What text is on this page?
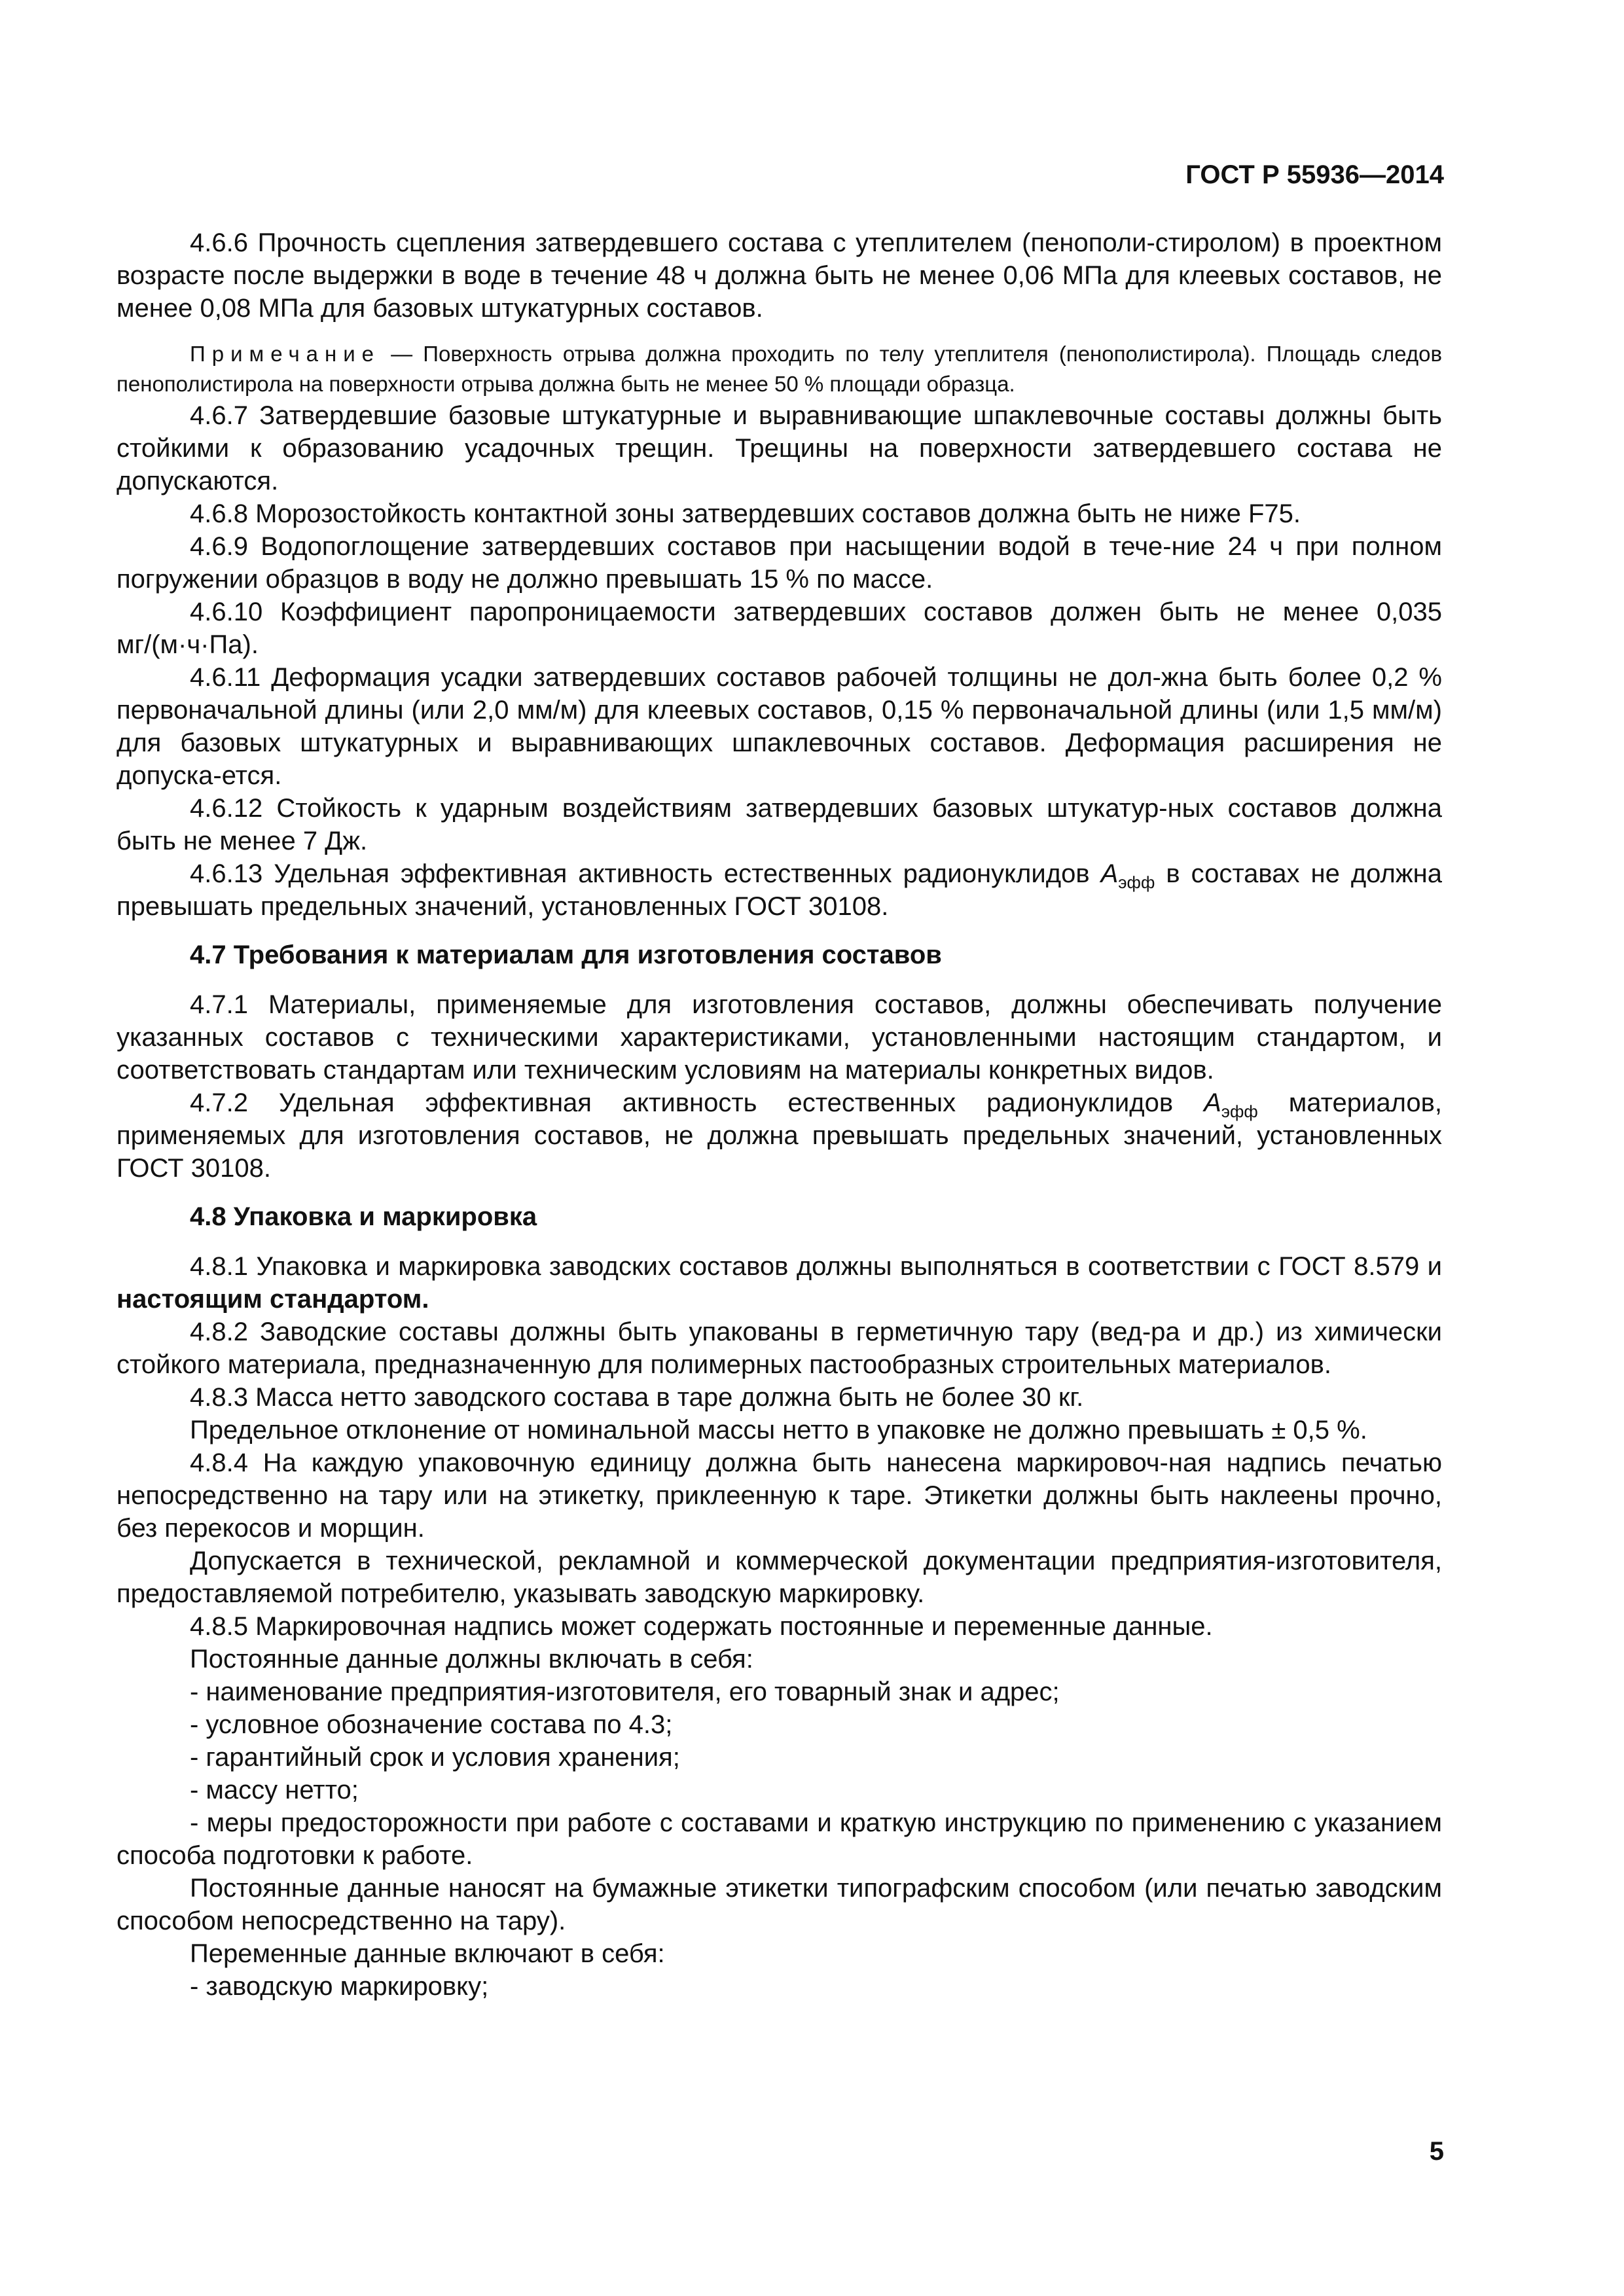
ГОСТ Р 55936—2014

4.6.6 Прочность сцепления затвердевшего состава с утеплителем (пенополи-стиролом) в проектном возрасте после выдержки в воде в течение 48 ч должна быть не менее 0,06 МПа для клеевых составов, не менее 0,08 МПа для базовых штукатурных составов.

Примечание — Поверхность отрыва должна проходить по телу утеплителя (пенополистирола). Площадь следов пенополистирола на поверхности отрыва должна быть не менее 50 % площади образца.

4.6.7 Затвердевшие базовые штукатурные и выравнивающие шпаклевочные составы должны быть стойкими к образованию усадочных трещин. Трещины на поверхности затвердевшего состава не допускаются.

4.6.8 Морозостойкость контактной зоны затвердевших составов должна быть не ниже F75.

4.6.9 Водопоглощение затвердевших составов при насыщении водой в тече-ние 24 ч при полном погружении образцов в воду не должно превышать 15 % по массе.

4.6.10 Коэффициент паропроницаемости затвердевших составов должен быть не менее 0,035 мг/(м·ч·Па).

4.6.11 Деформация усадки затвердевших составов рабочей толщины не дол-жна быть более 0,2 % первоначальной длины (или 2,0 мм/м) для клеевых составов, 0,15 % первоначальной длины (или 1,5 мм/м) для базовых штукатурных и выравнивающих шпаклевочных составов. Деформация расширения не допуска-ется.

4.6.12 Стойкость к ударным воздействиям затвердевших базовых штукатур-ных составов должна быть не менее 7 Дж.

4.6.13 Удельная эффективная активность естественных радионуклидов $А_{эфф}$ в составах не должна превышать предельных значений, установленных ГОСТ 30108.

4.7 Требования к материалам для изготовления составов

4.7.1 Материалы, применяемые для изготовления составов, должны обеспечивать получение указанных составов с техническими характеристиками, установленными настоящим стандартом, и соответствовать стандартам или техническим условиям на материалы конкретных видов.

4.7.2 Удельная эффективная активность естественных радионуклидов $А_{эфф}$ материалов, применяемых для изготовления составов, не должна превышать предельных значений, установленных ГОСТ 30108.

4.8 Упаковка и маркировка

4.8.1 Упаковка и маркировка заводских составов должны выполняться в соответствии с ГОСТ 8.579 и настоящим стандартом.

4.8.2 Заводские составы должны быть упакованы в герметичную тару (вед-ра и др.) из химически стойкого материала, предназначенную для полимерных пастообразных строительных материалов.

4.8.3 Масса нетто заводского состава в таре должна быть не более 30 кг.

Предельное отклонение от номинальной массы нетто в упаковке не должно превышать ± 0,5 %.

4.8.4 На каждую упаковочную единицу должна быть нанесена маркировоч-ная надпись печатью непосредственно на тару или на этикетку, приклеенную к таре. Этикетки должны быть наклеены прочно, без перекосов и морщин.

Допускается в технической, рекламной и коммерческой документации предприятия-изготовителя, предоставляемой потребителю, указывать заводскую маркировку.

4.8.5 Маркировочная надпись может содержать постоянные и переменные данные.

Постоянные данные должны включать в себя:

- наименование предприятия-изготовителя, его товарный знак и адрес;

- условное обозначение состава по 4.3;

- гарантийный срок и условия хранения;

- массу нетто;

- меры предосторожности при работе с составами и краткую инструкцию по применению с указанием способа подготовки к работе.

Постоянные данные наносят на бумажные этикетки типографским способом (или печатью заводским способом непосредственно на тару).

Переменные данные включают в себя:

- заводскую маркировку;

5
